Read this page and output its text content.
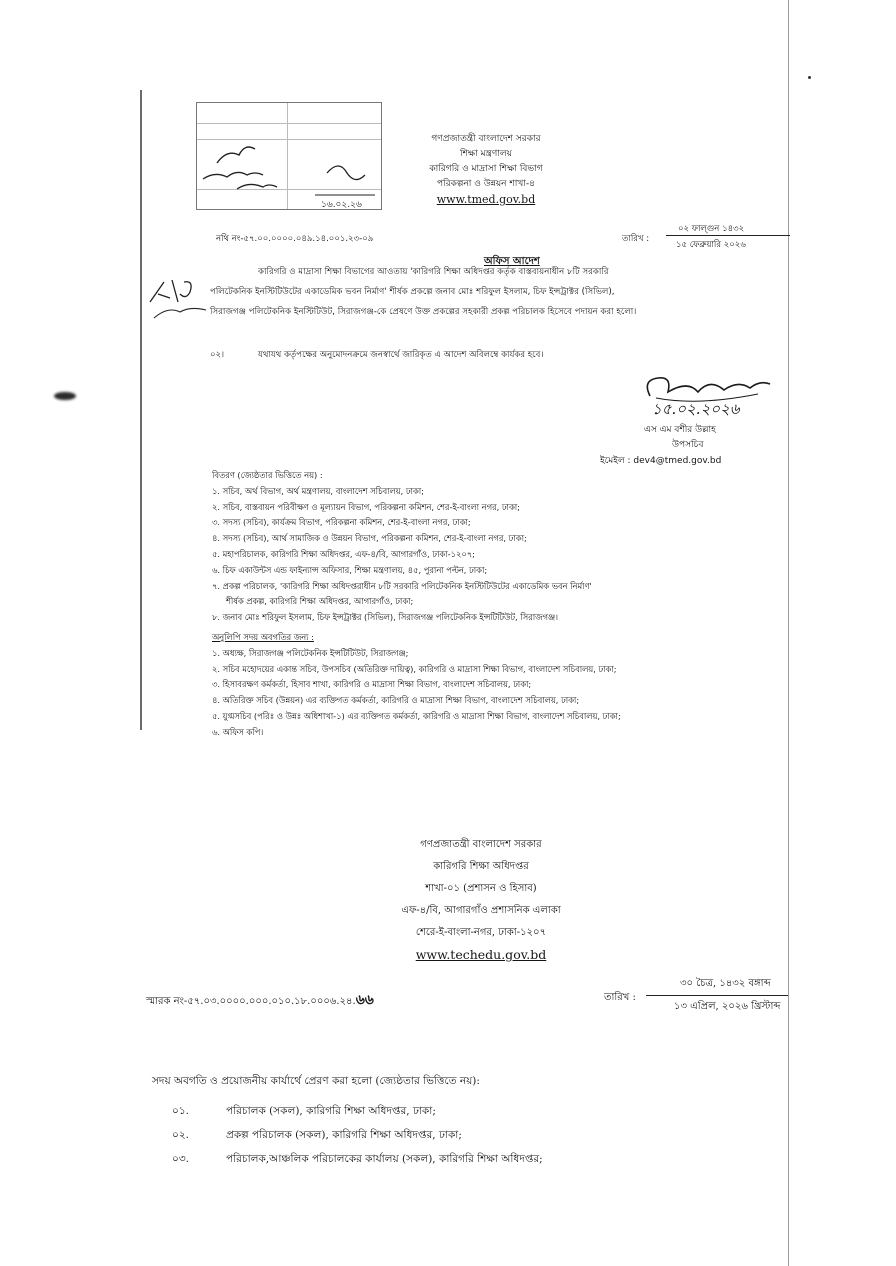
১৬.০২.২৬
গণপ্রজাতন্ত্রী বাংলাদেশ সরকার
শিক্ষা মন্ত্রণালয়
কারিগরি ও মাদ্রাসা শিক্ষা বিভাগ
পরিকল্পনা ও উন্নয়ন শাখা-৪
www.tmed.gov.bd
নথি নং-৫৭.০০.০০০০.০৪৯.১৪.০০১.২৩-০৯	তারিখ :
০২ ফাল্গুন ১৪৩২
১৫ ফেব্রুয়ারি ২০২৬
অফিস আদেশ
কারিগরি ও মাদ্রাসা শিক্ষা বিভাগের আওতায় 'কারিগরি শিক্ষা অধিদপ্তর কর্তৃক বাস্তবায়নাধীন ৮টি সরকারি
পলিটেকনিক ইনস্টিটিউটের একাডেমিক ভবন নির্মাণ' শীর্ষক প্রকল্পে জনাব মোঃ শরিফুল ইসলাম, চিফ ইন্সট্রাক্টর (সিভিল),
সিরাজগঞ্জ পলিটেকনিক ইনস্টিটিউট, সিরাজগঞ্জ-কে প্রেষণে উক্ত প্রকল্পের সহকারী প্রকল্প পরিচালক হিসেবে পদায়ন করা হলো।
০২।	যথাযথ কর্তৃপক্ষের অনুমোদনক্রমে জনস্বার্থে জারিকৃত এ আদেশ অবিলম্বে কার্যকর হবে।
১৫.০২.২০২৬
এস এম বশীর উল্লাহ
উপসচিব
ইমেইল : dev4@tmed.gov.bd
বিতরণ (জ্যেষ্ঠতার ভিত্তিতে নয়) :
১. সচিব, অর্থ বিভাগ, অর্থ মন্ত্রণালয়, বাংলাদেশ সচিবালয়, ঢাকা;
২. সচিব, বাস্তবায়ন পরিবীক্ষণ ও মূল্যায়ন বিভাগ, পরিকল্পনা কমিশন, শের-ই-বাংলা নগর, ঢাকা;
৩. সদস্য (সচিব), কার্যক্রম বিভাগ, পরিকল্পনা কমিশন, শের-ই-বাংলা নগর, ঢাকা;
৪. সদস্য (সচিব), আর্থ সামাজিক ও উন্নয়ন বিভাগ, পরিকল্পনা কমিশন, শের-ই-বাংলা নগর, ঢাকা;
৫. মহাপরিচালক, কারিগরি শিক্ষা অধিদপ্তর, এফ-৪/বি, আগারগাঁও, ঢাকা-১২০৭;
৬. চিফ একাউন্টস এন্ড ফাইন্যান্স অফিসার, শিক্ষা মন্ত্রণালয়, ৪৫, পুরানা পল্টন, ঢাকা;
৭. প্রকল্প পরিচালক, 'কারিগরি শিক্ষা অধিদপ্তরাধীন ৮টি সরকারি পলিটেকনিক ইনস্টিটিউটের একাডেমিক ভবন নির্মাণ'
শীর্ষক প্রকল্প, কারিগরি শিক্ষা অধিদপ্তর, আগারগাঁও, ঢাকা;
৮. জনাব মোঃ শরিফুল ইসলাম, চিফ ইন্সট্রাক্টর (সিভিল), সিরাজগঞ্জ পলিটেকনিক ইন্সটিটিউট, সিরাজগঞ্জ।
অনুলিপি সদয় অবগতির জন্য :
১. অধ্যক্ষ, সিরাজগঞ্জ পলিটেকনিক ইন্সটিটিউট, সিরাজগঞ্জ;
২. সচিব মহোদয়ের একান্ত সচিব, উপসচিব (অতিরিক্ত দায়িত্ব), কারিগরি ও মাদ্রাসা শিক্ষা বিভাগ, বাংলাদেশ সচিবালয়, ঢাকা;
৩. হিসাবরক্ষণ কর্মকর্তা, হিসাব শাখা, কারিগরি ও মাদ্রাসা শিক্ষা বিভাগ, বাংলাদেশ সচিবালয়, ঢাকা;
৪. অতিরিক্ত সচিব (উন্নয়ন) এর ব্যক্তিগত কর্মকর্তা, কারিগরি ও মাদ্রাসা শিক্ষা বিভাগ, বাংলাদেশ সচিবালয়, ঢাকা;
৫. যুগ্মসচিব (পরিঃ ও উন্নঃ অধিশাখা-১) এর ব্যক্তিগত কর্মকর্তা, কারিগরি ও মাদ্রাসা শিক্ষা বিভাগ, বাংলাদেশ সচিবালয়, ঢাকা;
৬. অফিস কপি।
গণপ্রজাতন্ত্রী বাংলাদেশ সরকার
কারিগরি শিক্ষা অধিদপ্তর
শাখা-০১ (প্রশাসন ও হিসাব)
এফ-৪/বি, আগারগাঁও প্রশাসনিক এলাকা
শেরে-ই-বাংলা-নগর, ঢাকা-১২০৭
www.techedu.gov.bd
স্মারক নং-৫৭.০৩.০০০০.০০০.০১০.১৮.০০০৬.২৪.৬৬	তারিখ :
৩০ চৈত্র, ১৪৩২ বঙ্গাব্দ
১৩ এপ্রিল, ২০২৬ খ্রিস্টাব্দ
সদয় অবগতি ও প্রয়োজনীয় কার্যার্থে প্রেরণ করা হলো (জ্যেষ্ঠতার ভিত্তিতে নয়):
০১.	পরিচালক (সকল), কারিগরি শিক্ষা অধিদপ্তর, ঢাকা;
০২.	প্রকল্প পরিচালক (সকল), কারিগরি শিক্ষা অধিদপ্তর, ঢাকা;
০৩.	পরিচালক,আঞ্চলিক পরিচালকের কার্যালয় (সকল), কারিগরি শিক্ষা অধিদপ্তর;
